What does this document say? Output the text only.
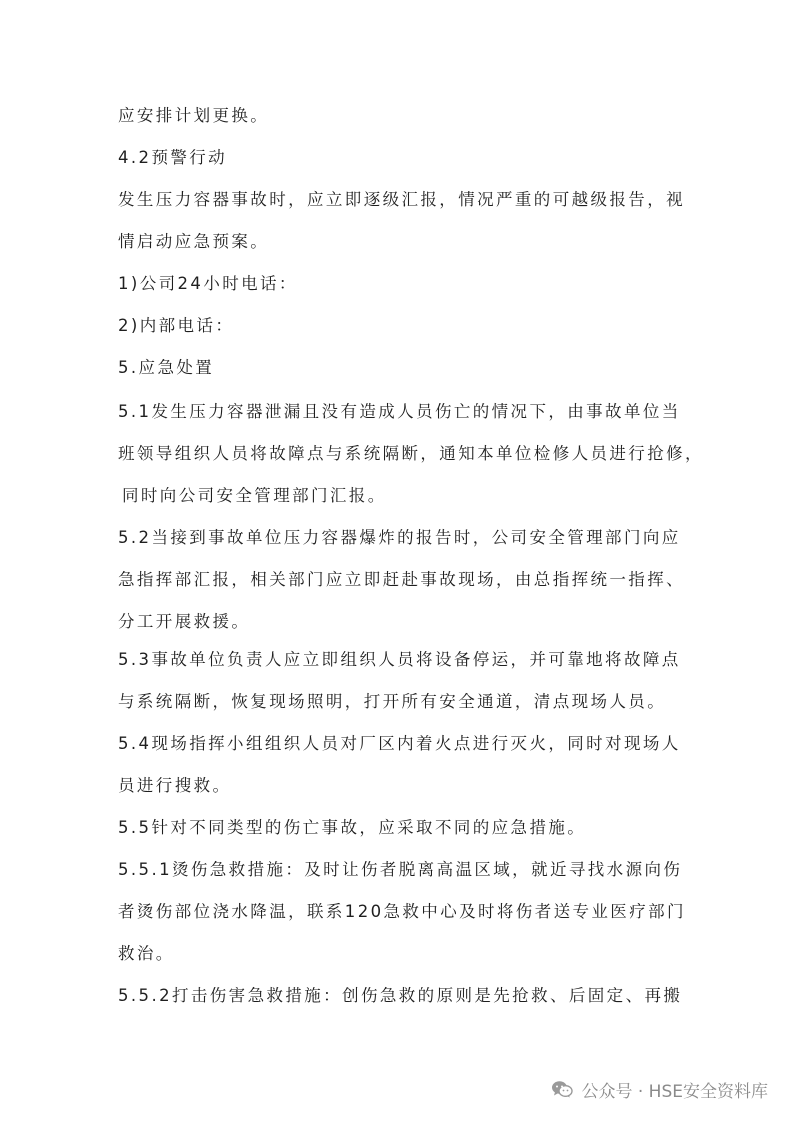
应安排计划更换。
4.2预警行动
发生压力容器事故时，应立即逐级汇报，情况严重的可越级报告，视
情启动应急预案。
1)公司24小时电话：
2)内部电话：
5.应急处置
5.1发生压力容器泄漏且没有造成人员伤亡的情况下，由事故单位当
班领导组织人员将故障点与系统隔断，通知本单位检修人员进行抢修，
同时向公司安全管理部门汇报。
5.2当接到事故单位压力容器爆炸的报告时，公司安全管理部门向应
急指挥部汇报，相关部门应立即赶赴事故现场，由总指挥统一指挥、
分工开展救援。
5.3事故单位负责人应立即组织人员将设备停运，并可靠地将故障点
与系统隔断，恢复现场照明，打开所有安全通道，清点现场人员。
5.4现场指挥小组组织人员对厂区内着火点进行灭火，同时对现场人
员进行搜救。
5.5针对不同类型的伤亡事故，应采取不同的应急措施。
5.5.1烫伤急救措施：及时让伤者脱离高温区域，就近寻找水源向伤
者烫伤部位浇水降温，联系120急救中心及时将伤者送专业医疗部门
救治。
5.5.2打击伤害急救措施：创伤急救的原则是先抢救、后固定、再搬
公众号 · HSE安全资料库
